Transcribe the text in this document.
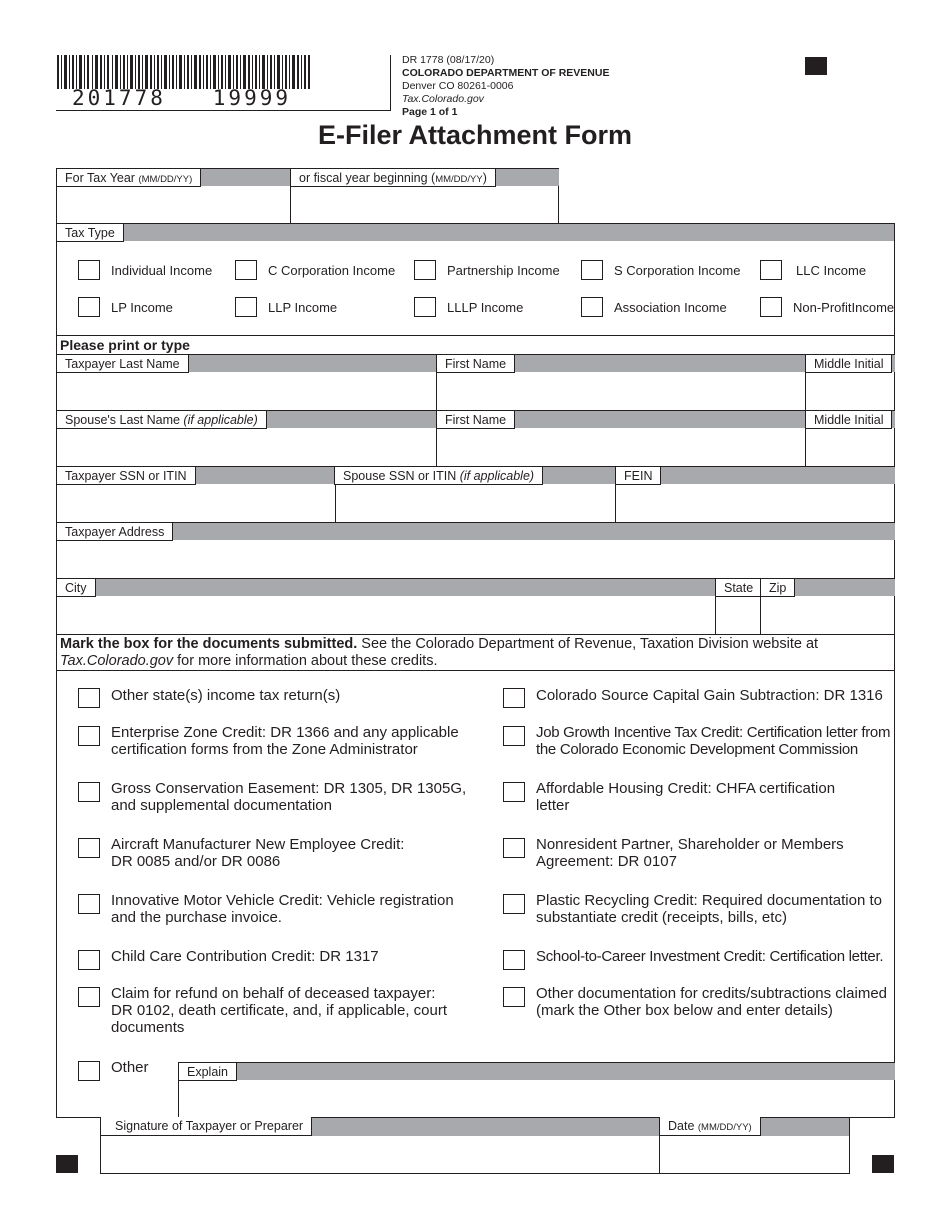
201778   19999
DR 1778 (08/17/20)
COLORADO DEPARTMENT OF REVENUE
Denver CO 80261-0006
Tax.Colorado.gov
Page 1 of 1
E-Filer Attachment Form
For Tax Year (MM/DD/YY)	or fiscal year beginning (MM/DD/YY)
Tax Type
Individual Income	C Corporation Income	Partnership Income	S Corporation Income	LLC Income
LP Income	LLP Income	LLLP Income	Association Income	Non-ProfitIncome
Please print or type
Taxpayer Last Name	First Name	Middle Initial
Spouse's Last Name (if applicable)	First Name	Middle Initial
Taxpayer SSN or ITIN	Spouse SSN or ITIN (if applicable)	FEIN
Taxpayer Address
City	State	Zip
Mark the box for the documents submitted. See the Colorado Department of Revenue, Taxation Division website at
Tax.Colorado.gov for more information about these credits.
Other state(s) income tax return(s)
Enterprise Zone Credit: DR 1366 and any applicable certification forms from the Zone Administrator
Gross Conservation Easement: DR 1305, DR 1305G, and supplemental documentation
Aircraft Manufacturer New Employee Credit: DR 0085 and/or DR 0086
Innovative Motor Vehicle Credit: Vehicle registration and the purchase invoice.
Child Care Contribution Credit: DR 1317
Claim for refund on behalf of deceased taxpayer: DR 0102, death certificate, and, if applicable, court documents
Colorado Source Capital Gain Subtraction: DR 1316
Job Growth Incentive Tax Credit: Certification letter from the Colorado Economic Development Commission
Affordable Housing Credit: CHFA certification letter
Nonresident Partner, Shareholder or Members Agreement: DR 0107
Plastic Recycling Credit: Required documentation to substantiate credit (receipts, bills, etc)
School-to-Career Investment Credit: Certification letter.
Other documentation for credits/subtractions claimed (mark the Other box below and enter details)
Other	Explain
Signature of Taxpayer or Preparer	Date (MM/DD/YY)
